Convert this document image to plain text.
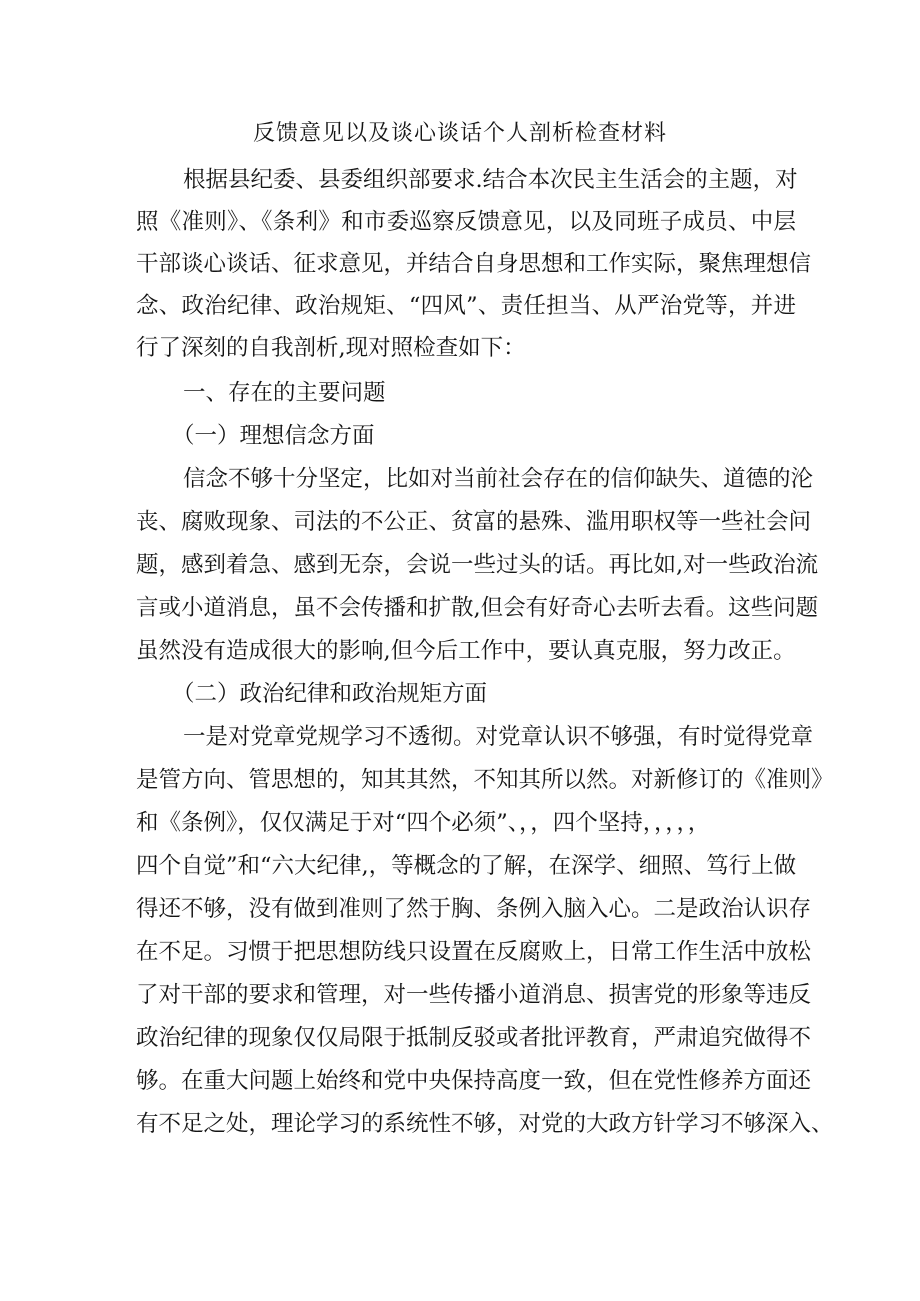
反馈意见以及谈心谈话个人剖析检查材料
根据县纪委、县委组织部要求.结合本次民主生活会的主题，对
照《准则》、《条利》和市委巡察反馈意见，以及同班子成员、中层
干部谈心谈话、征求意见，并结合自身思想和工作实际，聚焦理想信
念、政治纪律、政治规矩、“四风”、责任担当、从严治党等，并进
行了深刻的自我剖析,现对照检查如下：
一、存在的主要问题
（一）理想信念方面
信念不够十分坚定，比如对当前社会存在的信仰缺失、道德的沦
丧、腐败现象、司法的不公正、贫富的悬殊、滥用职权等一些社会问
题，感到着急、感到无奈，会说一些过头的话。再比如,对一些政治流
言或小道消息，虽不会传播和扩散,但会有好奇心去听去看。这些问题
虽然没有造成很大的影响,但今后工作中，要认真克服，努力改正。
（二）政治纪律和政治规矩方面
一是对党章党规学习不透彻。对党章认识不够强，有时觉得党章
是管方向、管思想的，知其其然，不知其所以然。对新修订的《准则》
和《条例》，仅仅满足于对“四个必须”、，，四个坚持，，，，，
四个自觉”和“六大纪律,，等概念的了解，在深学、细照、笃行上做
得还不够，没有做到准则了然于胸、条例入脑入心。二是政治认识存
在不足。习惯于把思想防线只设置在反腐败上，日常工作生活中放松
了对干部的要求和管理，对一些传播小道消息、损害党的形象等违反
政治纪律的现象仅仅局限于抵制反驳或者批评教育，严肃追究做得不
够。在重大问题上始终和党中央保持高度一致，但在党性修养方面还
有不足之处，理论学习的系统性不够，对党的大政方针学习不够深入、
